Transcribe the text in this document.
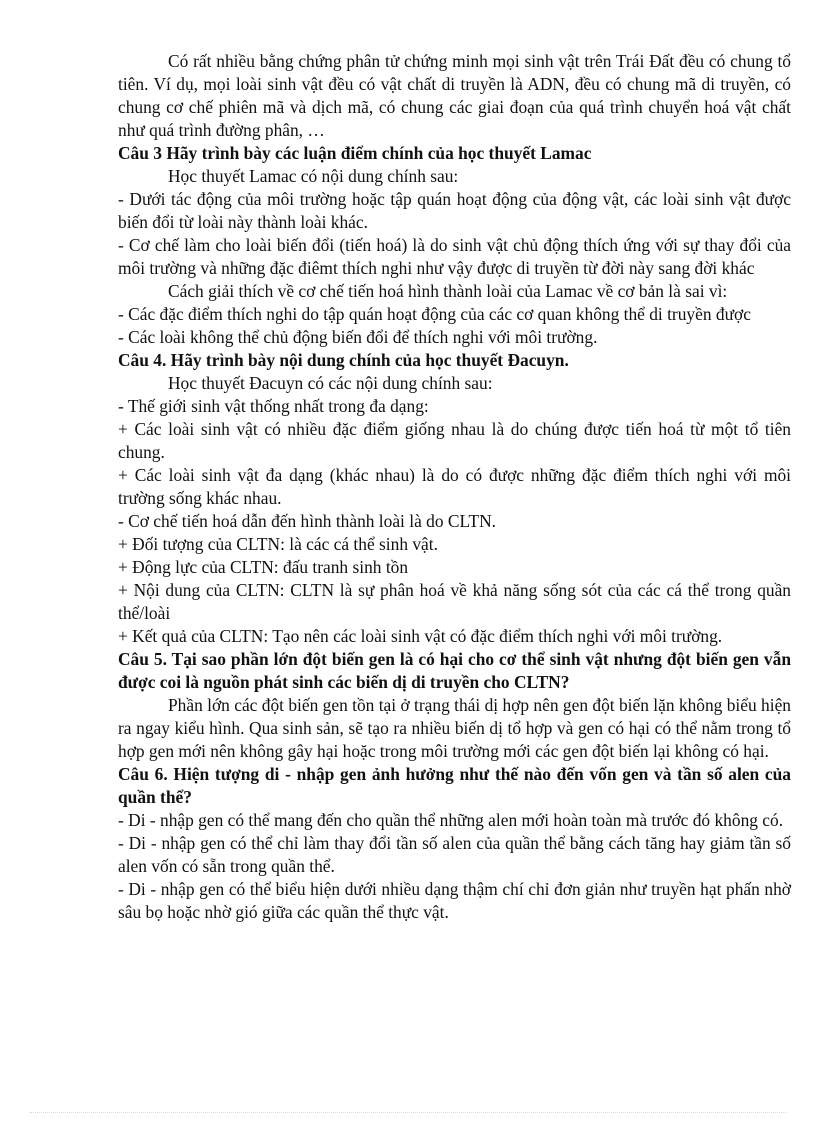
Có rất nhiều bằng chứng phân tử chứng minh mọi sinh vật trên Trái Đất đều có chung tổ tiên. Ví dụ, mọi loài sinh vật đều có vật chất di truyền là ADN, đều có chung mã di truyền, có chung cơ chế phiên mã và dịch mã, có chung các giai đoạn của quá trình chuyển hoá vật chất như quá trình đường phân, …

Câu 3 Hãy trình bày các luận điểm chính của học thuyết Lamac

Học thuyết Lamac có nội dung chính sau:

- Dưới tác động của môi trường hoặc tập quán hoạt động của động vật, các loài sinh vật được biến đổi từ loài này thành loài khác.

- Cơ chế làm cho loài biến đổi (tiến hoá) là do sinh vật chủ động thích ứng với sự thay đổi của môi trường và những đặc điêmt thích nghi như vậy được di truyền từ đời này sang đời khác

Cách giải thích về cơ chế tiến hoá hình thành loài của Lamac về cơ bản là sai vì:

- Các đặc điểm thích nghi do tập quán hoạt động của các cơ quan không thể di truyền được

- Các loài không thể chủ động biến đổi để thích nghi với môi trường.

Câu 4. Hãy trình bày nội dung chính của học thuyết Đacuyn.

Học thuyết Đacuyn có các nội dung chính sau:

- Thế giới sinh vật thống nhất trong đa dạng:

+ Các loài sinh vật có nhiều đặc điểm giống nhau là do chúng được tiến hoá từ một tổ tiên chung.

+ Các loài sinh vật đa dạng (khác nhau) là do có được những đặc điểm thích nghi với môi trường sống khác nhau.

- Cơ chế tiến hoá dẫn đến hình thành loài là do CLTN.

+ Đối tượng của CLTN: là các cá thể sinh vật.

+ Động lực của CLTN: đấu tranh sinh tồn

+ Nội dung của CLTN: CLTN là sự phân hoá về khả năng sống sót của các cá thể trong quần thể/loài

+ Kết quả của CLTN: Tạo nên các loài sinh vật có đặc điểm thích nghi với môi trường.

Câu 5. Tại sao phần lớn đột biến gen là có hại cho cơ thể sinh vật nhưng đột biến gen vẫn được coi là nguồn phát sinh các biến dị di truyền cho CLTN?

Phần lớn các đột biến gen tồn tại ở trạng thái dị hợp nên gen đột biến lặn không biểu hiện ra ngay kiểu hình. Qua sinh sản, sẽ tạo ra nhiều biến dị tổ hợp và gen có hại có thể nằm trong tổ hợp gen mới nên không gây hại hoặc trong môi trường mới các gen đột biến lại không có hại.

Câu 6. Hiện tượng di - nhập gen ảnh hưởng như thế nào đến vốn gen và tần số alen của quần thể?

- Di - nhập gen có thể mang đến cho quần thể những alen mới hoàn toàn mà trước đó không có.

- Di - nhập gen có thể chỉ làm thay đổi tần số alen của quần thể bằng cách tăng hay giảm tần số alen vốn có sẵn trong quần thể.

- Di - nhập gen có thể biểu hiện dưới nhiều dạng thậm chí chỉ đơn giản như truyền hạt phấn nhờ sâu bọ hoặc nhờ gió giữa các quần thể thực vật.
